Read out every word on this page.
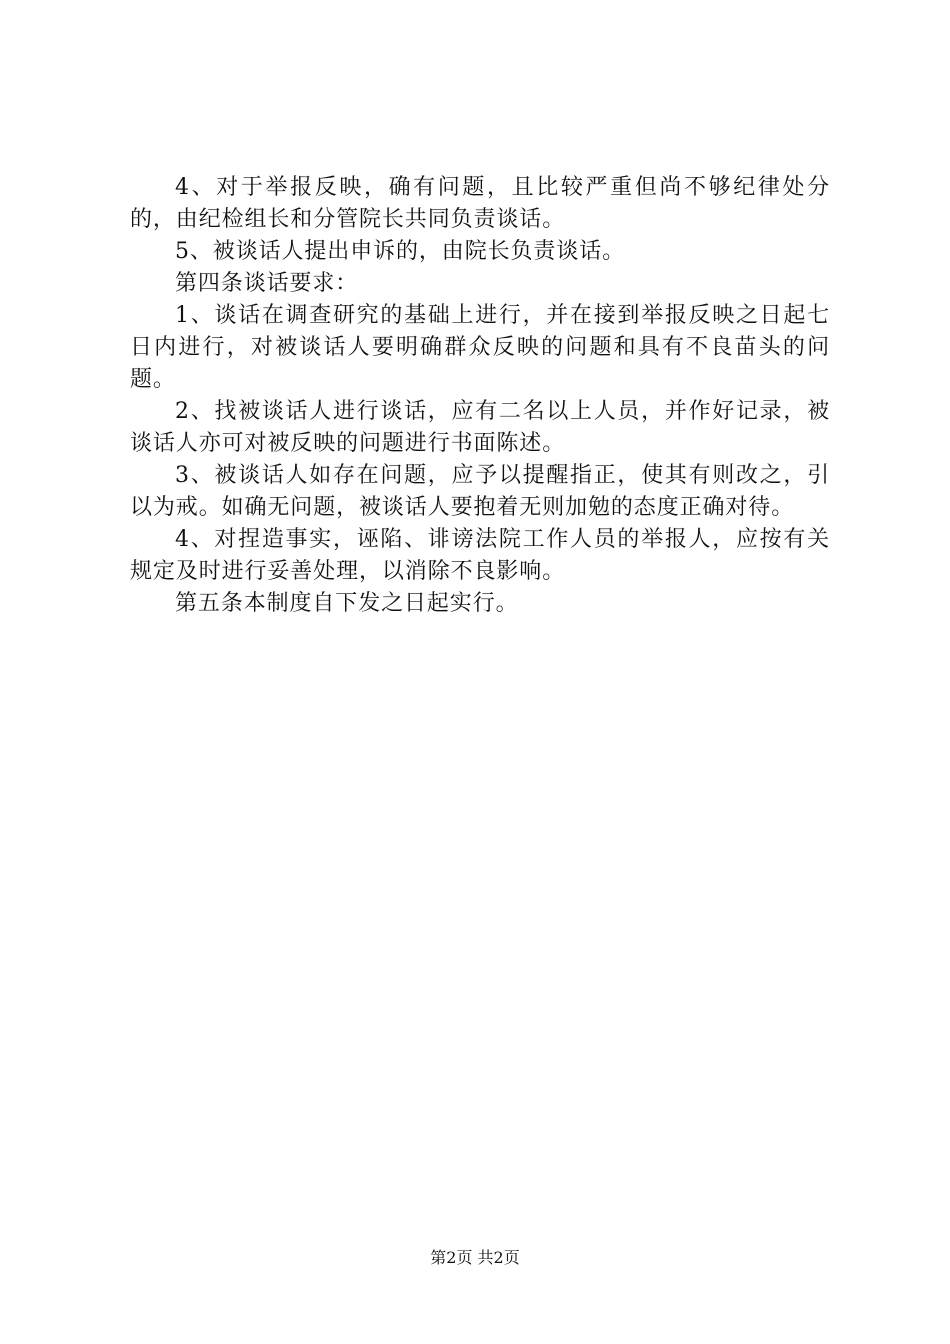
4、对于举报反映，确有问题，且比较严重但尚不够纪律处分的，由纪检组长和分管院长共同负责谈话。

5、被谈话人提出申诉的，由院长负责谈话。

第四条谈话要求：

1、谈话在调查研究的基础上进行，并在接到举报反映之日起七日内进行，对被谈话人要明确群众反映的问题和具有不良苗头的问题。

2、找被谈话人进行谈话，应有二名以上人员，并作好记录，被谈话人亦可对被反映的问题进行书面陈述。

3、被谈话人如存在问题，应予以提醒指正，使其有则改之，引以为戒。如确无问题，被谈话人要抱着无则加勉的态度正确对待。

4、对捏造事实，诬陷、诽谤法院工作人员的举报人，应按有关规定及时进行妥善处理，以消除不良影响。

第五条本制度自下发之日起实行。

第2页 共2页
